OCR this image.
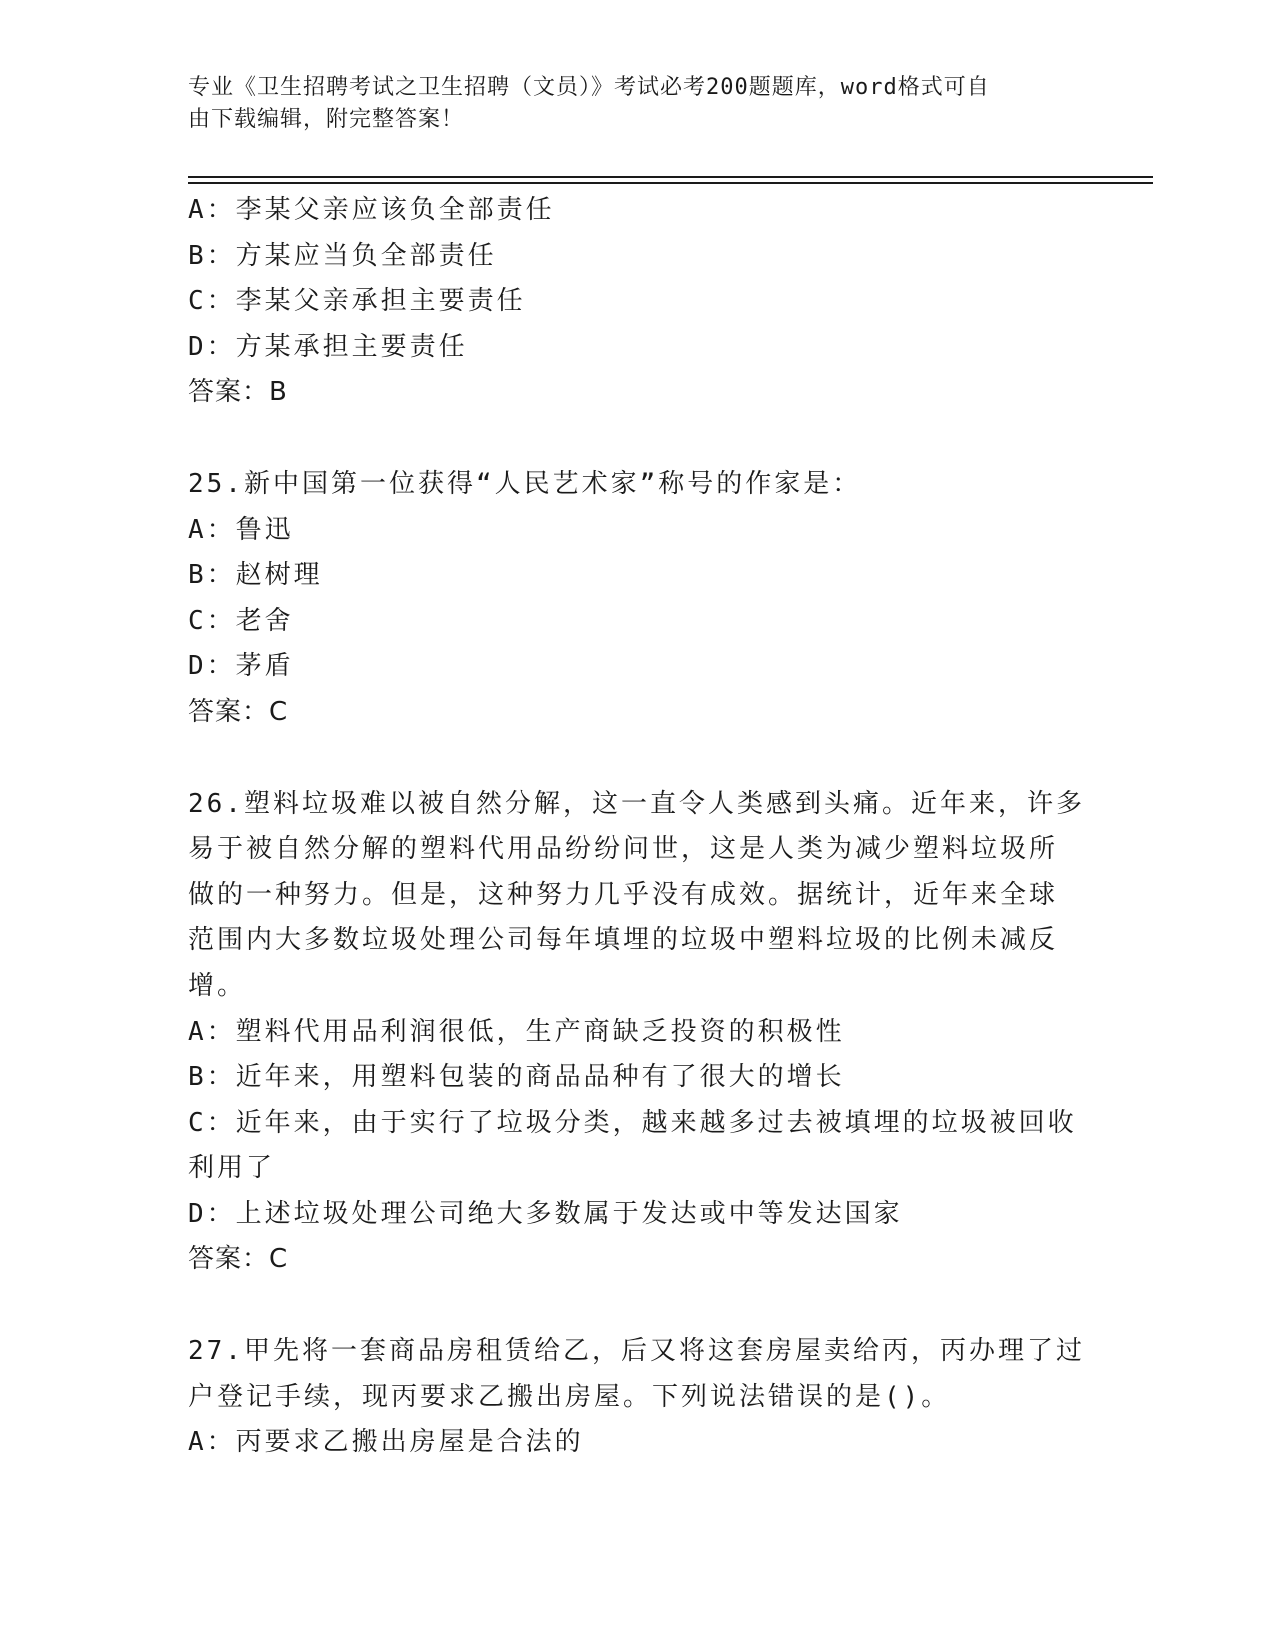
专业《卫生招聘考试之卫生招聘（文员）》考试必考200题题库，word格式可自
由下载编辑，附完整答案！
A：李某父亲应该负全部责任
B：方某应当负全部责任
C：李某父亲承担主要责任
D：方某承担主要责任
答案：B
25.新中国第一位获得“人民艺术家”称号的作家是：
A：鲁迅
B：赵树理
C：老舍
D：茅盾
答案：C
26.塑料垃圾难以被自然分解，这一直令人类感到头痛。近年来，许多
易于被自然分解的塑料代用品纷纷问世，这是人类为减少塑料垃圾所
做的一种努力。但是，这种努力几乎没有成效。据统计，近年来全球
范围内大多数垃圾处理公司每年填埋的垃圾中塑料垃圾的比例未减反
增。
A：塑料代用品利润很低，生产商缺乏投资的积极性
B：近年来，用塑料包装的商品品种有了很大的增长
C：近年来，由于实行了垃圾分类，越来越多过去被填埋的垃圾被回收
利用了
D：上述垃圾处理公司绝大多数属于发达或中等发达国家
答案：C
27.甲先将一套商品房租赁给乙，后又将这套房屋卖给丙，丙办理了过
户登记手续，现丙要求乙搬出房屋。下列说法错误的是()。
A：丙要求乙搬出房屋是合法的
